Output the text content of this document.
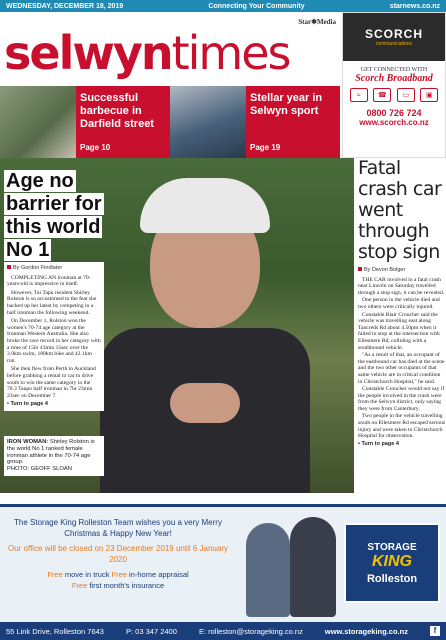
WEDNESDAY, DECEMBER 18, 2019	Connecting Your Community	starnews.co.nz
Star✱Media
selwyntimes	SCORCH
communications
GET CONNECTED WITH
Scorch Broadband
≈	☎	▭	▣
0800 726 724
www.scorch.co.nz
Successful barbecue in Darfield street
Page 10
Stellar year in Selwyn sport
Page 19
Age no barrier for this world No 1
By Gordon Findlater

COMPLETING AN ironman at 70-years-old is impressive in itself.

However, Tai Tapu resident Shirley Rolston is so accustomed to the feat she backed up her latest by competing in a half ironman the following weekend.

On December 1, Rolston won the women's 70-74 age category at the Ironman Western Australia. She also broke the race record in her category with a time of 15hr 43min 15sec over the 3.9km swim, 180km bike and 42.1km run.

She then flew from Perth to Auckland before grabbing a rental to car to drive south to win the same category in the 70.3 Taupo half ironman in 7hr 23min 23sec on December 7.

• Turn to page 4
IRON WOMAN: Shirley Rolston is the world No 1 ranked female ironman athlete in the 70-74 age group.
PHOTO: GEOFF SLOAN
Fatal crash car went through stop sign
By Devon Bolger

THE CAR involved in a fatal crash near Lincoln on Saturday travelled through a stop sign, it can be revealed.

One person in the vehicle died and two others were critically injured.

Constable Blair Croucher said the vehicle was travelling east along Tancreds Rd about 4.50pm when it failed to stop at the intersection with Ellesmere Rd, colliding with a southbound vehicle.

"As a result of that, an occupant of the eastbound car has died at the scene and the two other occupants of that same vehicle are in critical condition in Christchurch Hospital," he said.

Constable Croucher would not say if the people involved in the crash were from the Selwyn district, only saying they were from Canterbury.

Two people in the vehicle travelling south on Ellesmere Rd escaped serious injury and were taken to Christchurch Hospital for observation.

• Turn to page 4
The Storage King Rolleston Team wishes you a very Merry Christmas & Happy New Year!
Our office will be closed on 23 December 2019 until 6 January 2020
Free move in truck Free in-home appraisal
Free first month's insurance
STORAGE
KING
Rolleston
55 Link Drive, Rolleston 7643	P: 03 347 2400	E: rolleston@storageking.co.nz	www.storageking.co.nz	f
